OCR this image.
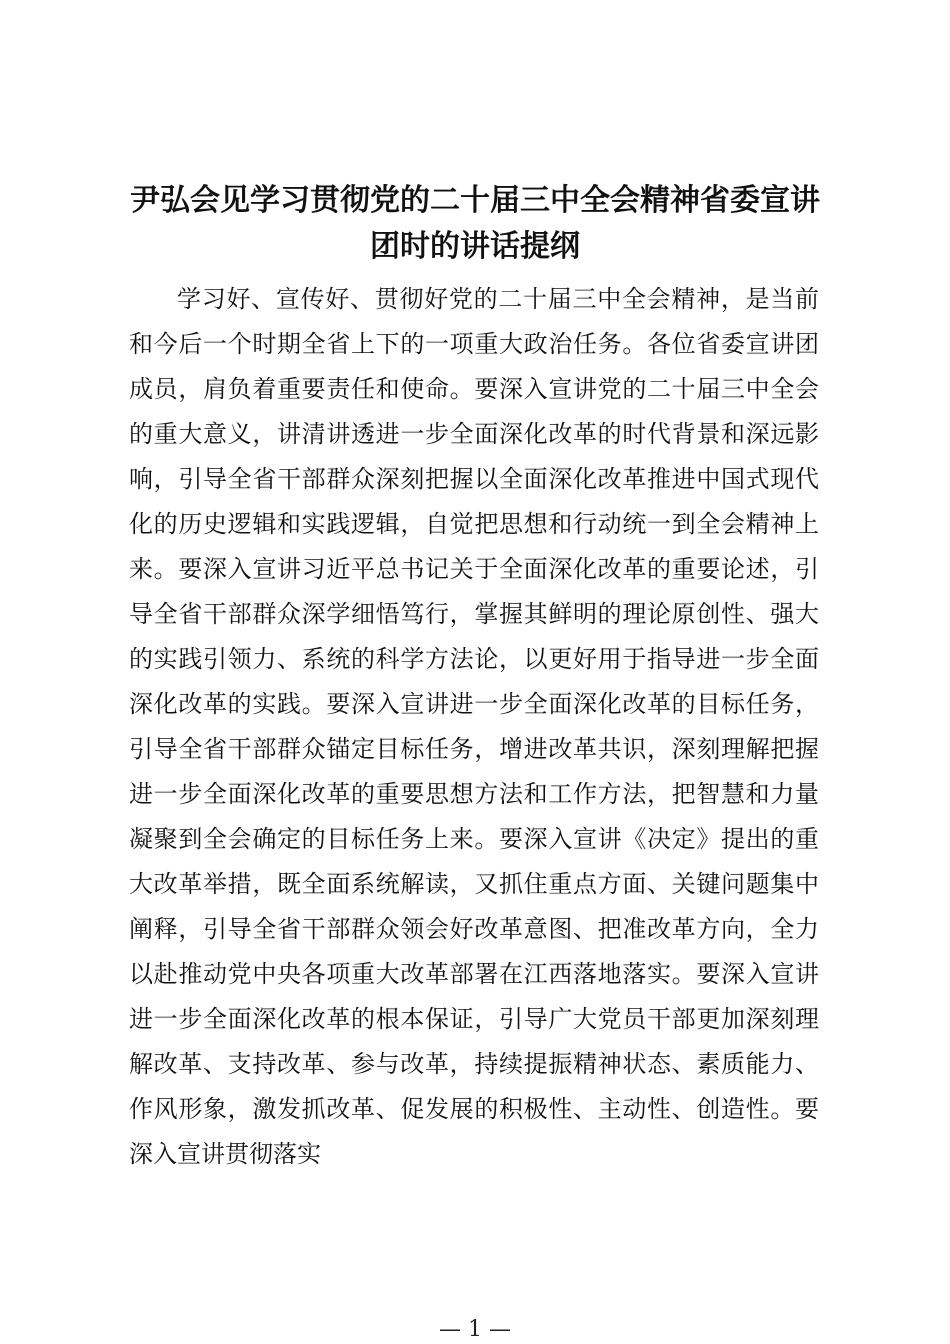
尹弘会见学习贯彻党的二十届三中全会精神省委宣讲团时的讲话提纲

学习好、宣传好、贯彻好党的二十届三中全会精神，是当前和今后一个时期全省上下的一项重大政治任务。各位省委宣讲团成员，肩负着重要责任和使命。要深入宣讲党的二十届三中全会的重大意义，讲清讲透进一步全面深化改革的时代背景和深远影响，引导全省干部群众深刻把握以全面深化改革推进中国式现代化的历史逻辑和实践逻辑，自觉把思想和行动统一到全会精神上来。要深入宣讲习近平总书记关于全面深化改革的重要论述，引导全省干部群众深学细悟笃行，掌握其鲜明的理论原创性、强大的实践引领力、系统的科学方法论，以更好用于指导进一步全面深化改革的实践。要深入宣讲进一步全面深化改革的目标任务，引导全省干部群众锚定目标任务，增进改革共识，深刻理解把握进一步全面深化改革的重要思想方法和工作方法，把智慧和力量凝聚到全会确定的目标任务上来。要深入宣讲《决定》提出的重大改革举措，既全面系统解读，又抓住重点方面、关键问题集中阐释，引导全省干部群众领会好改革意图、把准改革方向，全力以赴推动党中央各项重大改革部署在江西落地落实。要深入宣讲进一步全面深化改革的根本保证，引导广大党员干部更加深刻理解改革、支持改革、参与改革，持续提振精神状态、素质能力、作风形象，激发抓改革、促发展的积极性、主动性、创造性。要深入宣讲贯彻落实

— 1 —
